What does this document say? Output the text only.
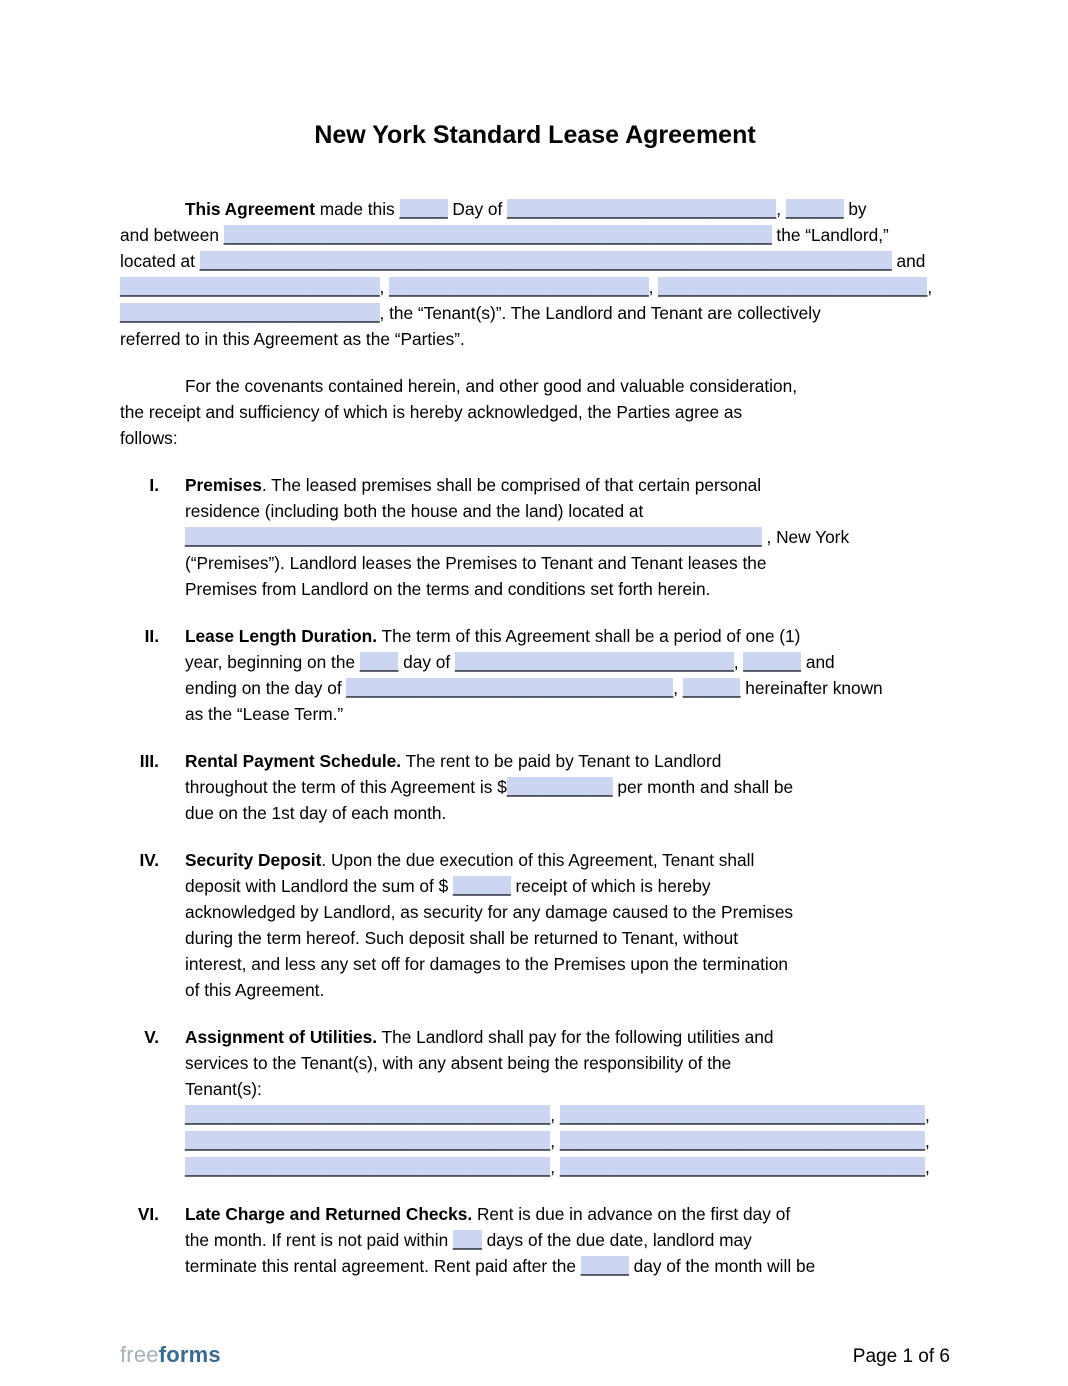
New York Standard Lease Agreement
This Agreement made this _____ Day of ____________________________, ______ by
and between _________________________________________________________ the “Landlord,”
located at ________________________________________________________________________ and
___________________________, ___________________________, ____________________________,
___________________________, the “Tenant(s)”. The Landlord and Tenant are collectively
referred to in this Agreement as the “Parties”.
For the covenants contained herein, and other good and valuable consideration,
the receipt and sufficiency of which is hereby acknowledged, the Parties agree as
follows:
I.	Premises. The leased premises shall be comprised of that certain personal
residence (including both the house and the land) located at
____________________________________________________________ , New York
(“Premises”). Landlord leases the Premises to Tenant and Tenant leases the
Premises from Landlord on the terms and conditions set forth herein.
II.	Lease Length Duration. The term of this Agreement shall be a period of one (1)
year, beginning on the ____ day of _____________________________, ______ and
ending on the day of __________________________________, ______ hereinafter known
as the “Lease Term.”
III.	Rental Payment Schedule. The rent to be paid by Tenant to Landlord
throughout the term of this Agreement is $___________ per month and shall be
due on the 1st day of each month.
IV.	Security Deposit. Upon the due execution of this Agreement, Tenant shall
deposit with Landlord the sum of $ ______ receipt of which is hereby
acknowledged by Landlord, as security for any damage caused to the Premises
during the term hereof. Such deposit shall be returned to Tenant, without
interest, and less any set off for damages to the Premises upon the termination
of this Agreement.
V.	Assignment of Utilities. The Landlord shall pay for the following utilities and
services to the Tenant(s), with any absent being the responsibility of the
Tenant(s):
______________________________________, ______________________________________,
______________________________________, ______________________________________,
______________________________________, ______________________________________,
VI.	Late Charge and Returned Checks. Rent is due in advance on the first day of
the month. If rent is not paid within ___ days of the due date, landlord may
terminate this rental agreement. Rent paid after the _____ day of the month will be
freeforms	Page 1 of 6
